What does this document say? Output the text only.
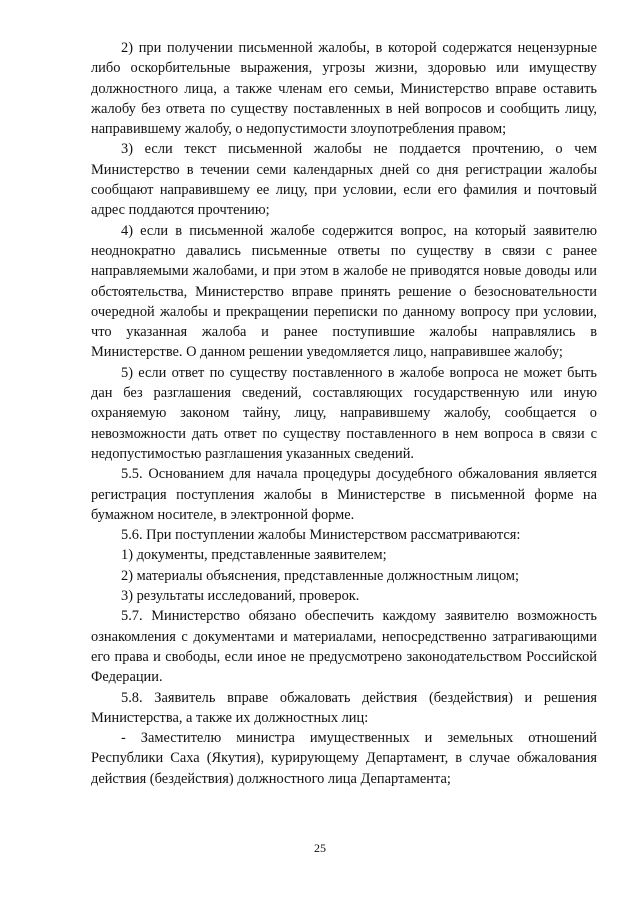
2) при получении письменной жалобы, в которой содержатся нецензурные либо оскорбительные выражения, угрозы жизни, здоровью или имуществу должностного лица, а также членам его семьи, Министерство вправе оставить жалобу без ответа по существу поставленных в ней вопросов и сообщить лицу, направившему жалобу, о недопустимости злоупотребления правом;

3) если текст письменной жалобы не поддается прочтению, о чем Министерство в течении семи календарных дней со дня регистрации жалобы сообщают направившему ее лицу, при условии, если его фамилия и почтовый адрес поддаются прочтению;

4) если в письменной жалобе содержится вопрос, на который заявителю неоднократно давались письменные ответы по существу в связи с ранее направляемыми жалобами, и при этом в жалобе не приводятся новые доводы или обстоятельства, Министерство вправе принять решение о безосновательности очередной жалобы и прекращении переписки по данному вопросу при условии, что указанная жалоба и ранее поступившие жалобы направлялись в Министерстве. О данном решении уведомляется лицо, направившее жалобу;

5) если ответ по существу поставленного в жалобе вопроса не может быть дан без разглашения сведений, составляющих государственную или иную охраняемую законом тайну, лицу, направившему жалобу, сообщается о невозможности дать ответ по существу поставленного в нем вопроса в связи с недопустимостью разглашения указанных сведений.

5.5. Основанием для начала процедуры досудебного обжалования является регистрация поступления жалобы в Министерстве в письменной форме на бумажном носителе, в электронной форме.

5.6. При поступлении жалобы Министерством рассматриваются:

1) документы, представленные заявителем;

2) материалы объяснения, представленные должностным лицом;

3) результаты исследований, проверок.

5.7. Министерство обязано обеспечить каждому заявителю возможность ознакомления с документами и материалами, непосредственно затрагивающими его права и свободы, если иное не предусмотрено законодательством Российской Федерации.

5.8. Заявитель вправе обжаловать действия (бездействия) и решения Министерства, а также их должностных лиц:

- Заместителю министра имущественных и земельных отношений Республики Саха (Якутия), курирующему Департамент, в случае обжалования действия (бездействия) должностного лица Департамента;

25
